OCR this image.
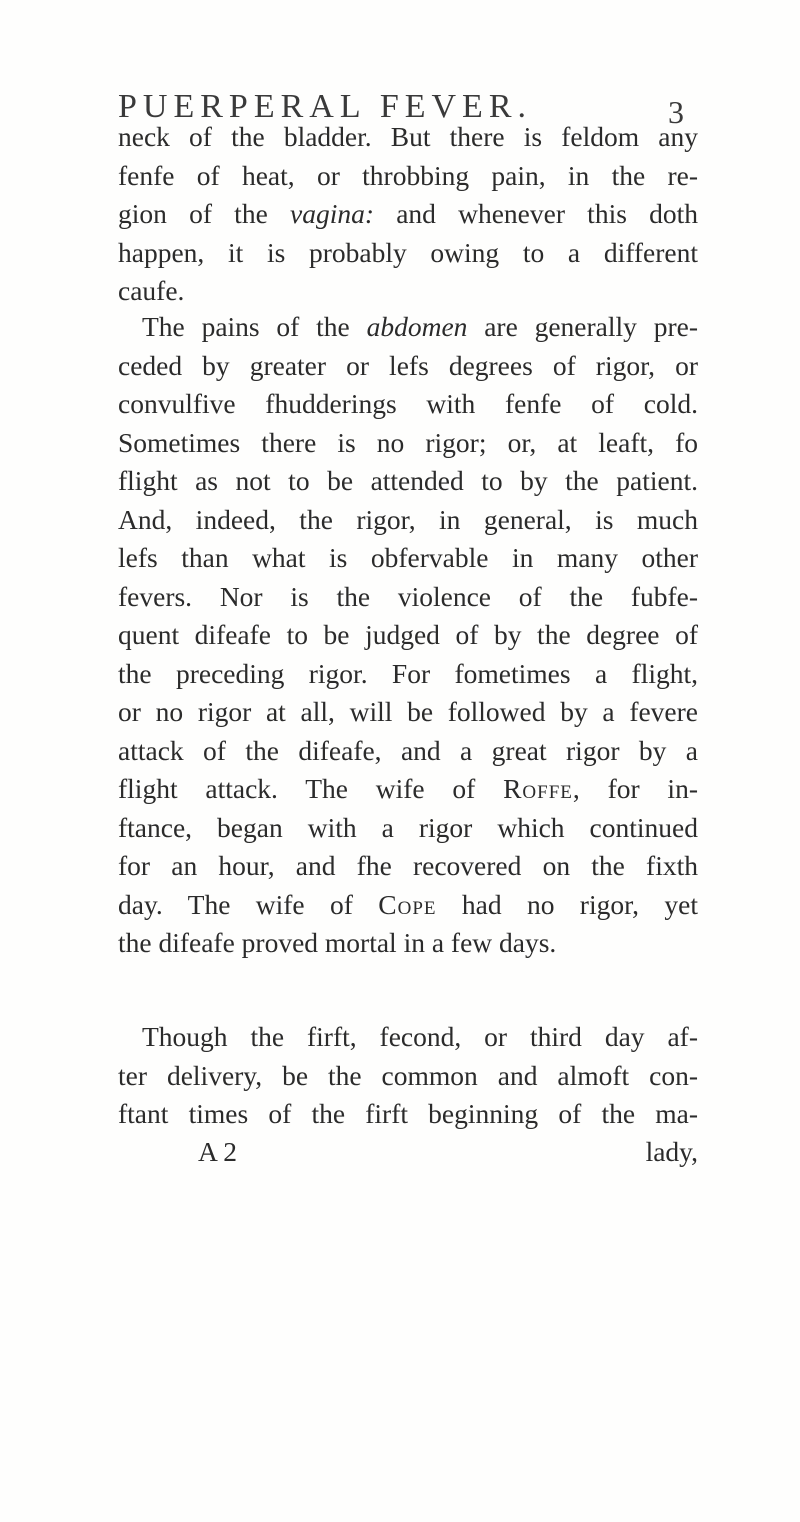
PUERPERAL FEVER.	3
neck of the bladder. But there is feldom any
fenfe of heat, or throbbing pain, in the re-
gion of the vagina: and whenever this doth
happen, it is probably owing to a different
caufe.
The pains of the abdomen are generally pre-
ceded by greater or lefs degrees of rigor, or
convulfive fhudderings with fenfe of cold.
Sometimes there is no rigor; or, at leaft, fo
flight as not to be attended to by the patient.
And, indeed, the rigor, in general, is much
lefs than what is obfervable in many other
fevers. Nor is the violence of the fubfe-
quent difeafe to be judged of by the degree of
the preceding rigor. For fometimes a flight,
or no rigor at all, will be followed by a fevere
attack of the difeafe, and a great rigor by a
flight attack. The wife of Roffe, for in-
ftance, began with a rigor which continued
for an hour, and fhe recovered on the fixth
day. The wife of Cope had no rigor, yet
the difeafe proved mortal in a few days.
Though the firft, fecond, or third day af-
ter delivery, be the common and almoft con-
ftant times of the firft beginning of the ma-
A 2	lady,
